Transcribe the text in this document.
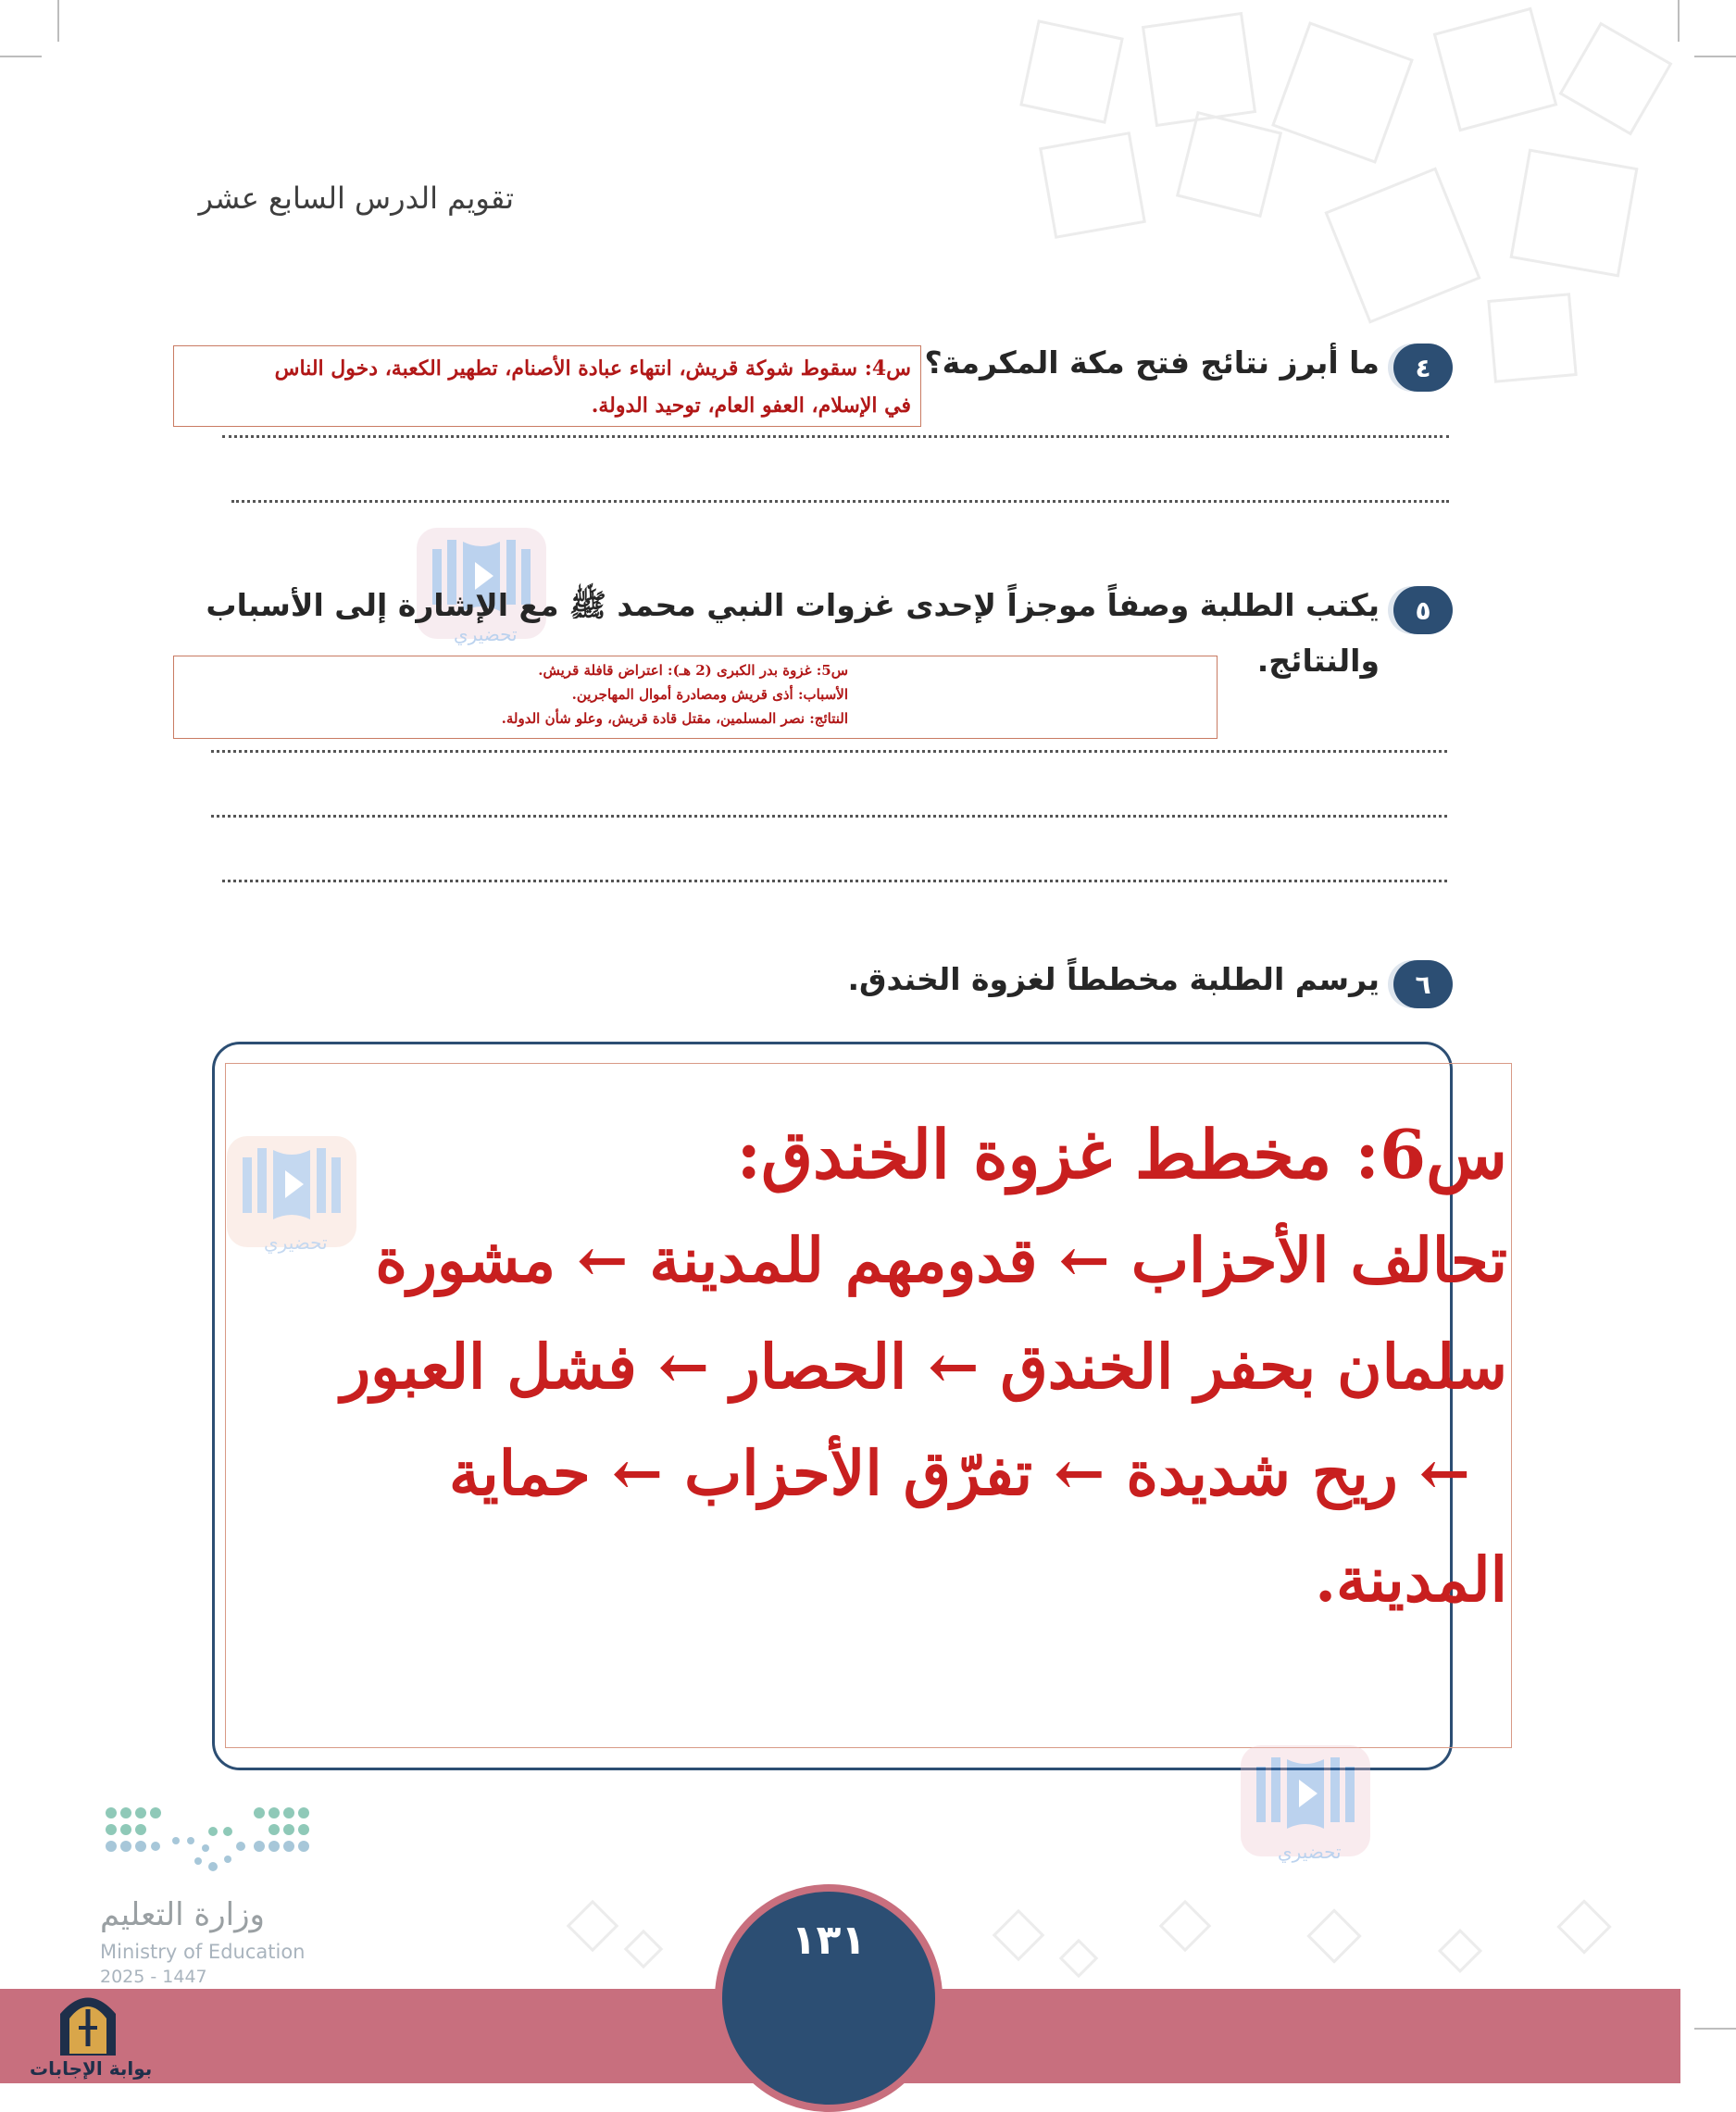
تقويم الدرس السابع عشر
٤
ما أبرز نتائج فتح مكة المكرمة؟
س4: سقوط شوكة قريش، انتهاء عبادة الأصنام، تطهير الكعبة، دخول الناس
في الإسلام، العفو العام، توحيد الدولة.
تحضيري
٥
يكتب الطلبة وصفاً موجزاً لإحدى غزوات النبي محمد ﷺ مع الإشارة إلى الأسباب
والنتائج.
س5: غزوة بدر الكبرى (2 هـ): اعتراض قافلة قريش.
الأسباب: أذى قريش ومصادرة أموال المهاجرين.
النتائج: نصر المسلمين، مقتل قادة قريش، وعلو شأن الدولة.
٦
يرسم الطلبة مخططاً لغزوة الخندق.
س6: مخطط غزوة الخندق:
تحالف الأحزاب ← قدومهم للمدينة ← مشورة
سلمان بحفر الخندق ← الحصار ← فشل العبور
← ريح شديدة ← تفرّق الأحزاب ← حماية
المدينة.
تحضيري
تحضيري
وزارة التعليم
Ministry of Education
2025 - 1447
١٣١
بوابة الإجابات
